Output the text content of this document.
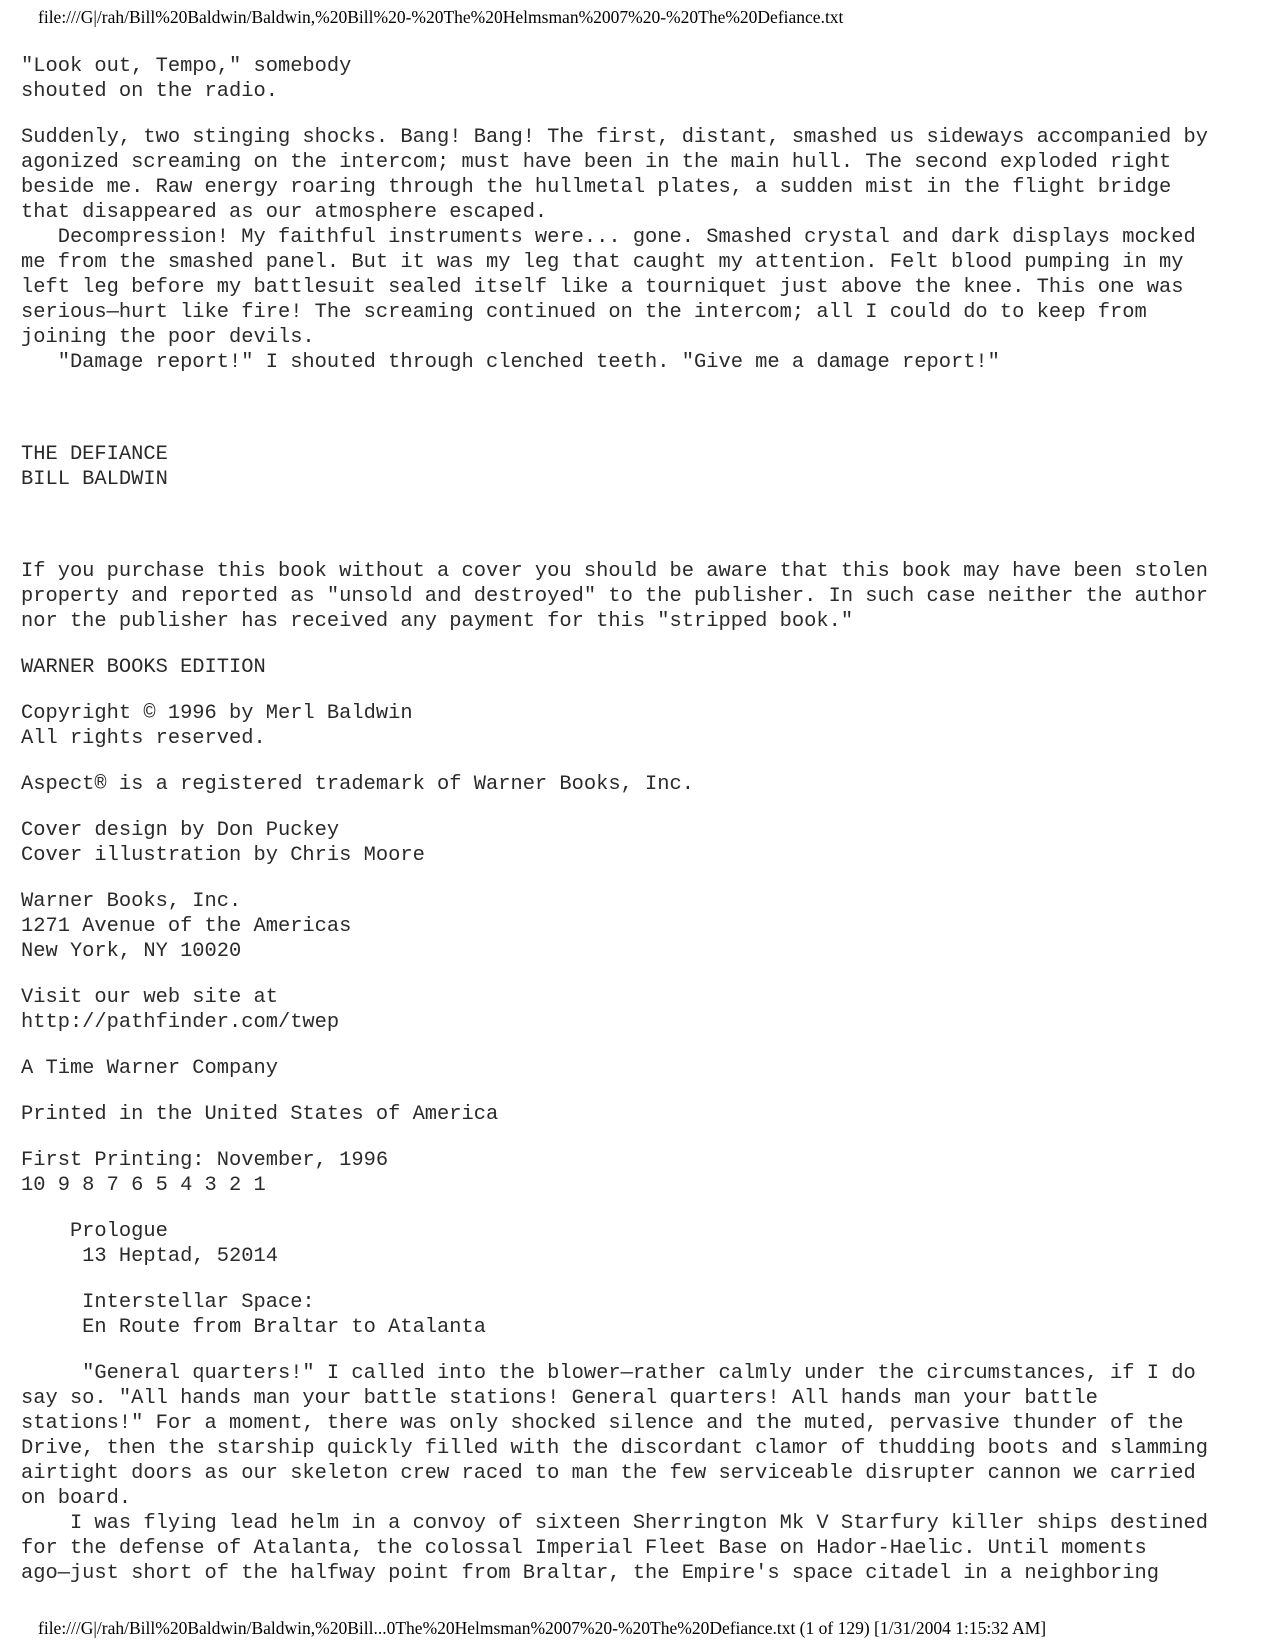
file:///G|/rah/Bill%20Baldwin/Baldwin,%20Bill%20-%20The%20Helmsman%2007%20-%20The%20Defiance.txt
"Look out, Tempo," somebody
shouted on the radio.
Suddenly, two stinging shocks. Bang! Bang! The first, distant, smashed us sideways accompanied by
agonized screaming on the intercom; must have been in the main hull. The second exploded right
beside me. Raw energy roaring through the hullmetal plates, a sudden mist in the flight bridge
that disappeared as our atmosphere escaped.
Decompression! My faithful instruments were... gone. Smashed crystal and dark displays mocked
me from the smashed panel. But it was my leg that caught my attention. Felt blood pumping in my
left leg before my battlesuit sealed itself like a tourniquet just above the knee. This one was
serious—hurt like fire! The screaming continued on the intercom; all I could do to keep from
joining the poor devils.
"Damage report!" I shouted through clenched teeth. "Give me a damage report!"
THE DEFIANCE
BILL BALDWIN
If you purchase this book without a cover you should be aware that this book may have been stolen
property and reported as "unsold and destroyed" to the publisher. In such case neither the author
nor the publisher has received any payment for this "stripped book."
WARNER BOOKS EDITION
Copyright © 1996 by Merl Baldwin
All rights reserved.
Aspect® is a registered trademark of Warner Books, Inc.
Cover design by Don Puckey
Cover illustration by Chris Moore
Warner Books, Inc.
1271 Avenue of the Americas
New York, NY 10020
Visit our web site at
http://pathfinder.com/twep
A Time Warner Company
Printed in the United States of America
First Printing: November, 1996
10 9 8 7 6 5 4 3 2 1
Prologue
13 Heptad, 52014
Interstellar Space:
En Route from Braltar to Atalanta
"General quarters!" I called into the blower—rather calmly under the circumstances, if I do
say so. "All hands man your battle stations! General quarters! All hands man your battle
stations!" For a moment, there was only shocked silence and the muted, pervasive thunder of the
Drive, then the starship quickly filled with the discordant clamor of thudding boots and slamming
airtight doors as our skeleton crew raced to man the few serviceable disrupter cannon we carried
on board.
I was flying lead helm in a convoy of sixteen Sherrington Mk V Starfury killer ships destined
for the defense of Atalanta, the colossal Imperial Fleet Base on Hador-Haelic. Until moments
ago—just short of the halfway point from Braltar, the Empire's space citadel in a neighboring
file:///G|/rah/Bill%20Baldwin/Baldwin,%20Bill...0The%20Helmsman%2007%20-%20The%20Defiance.txt (1 of 129) [1/31/2004 1:15:32 AM]
